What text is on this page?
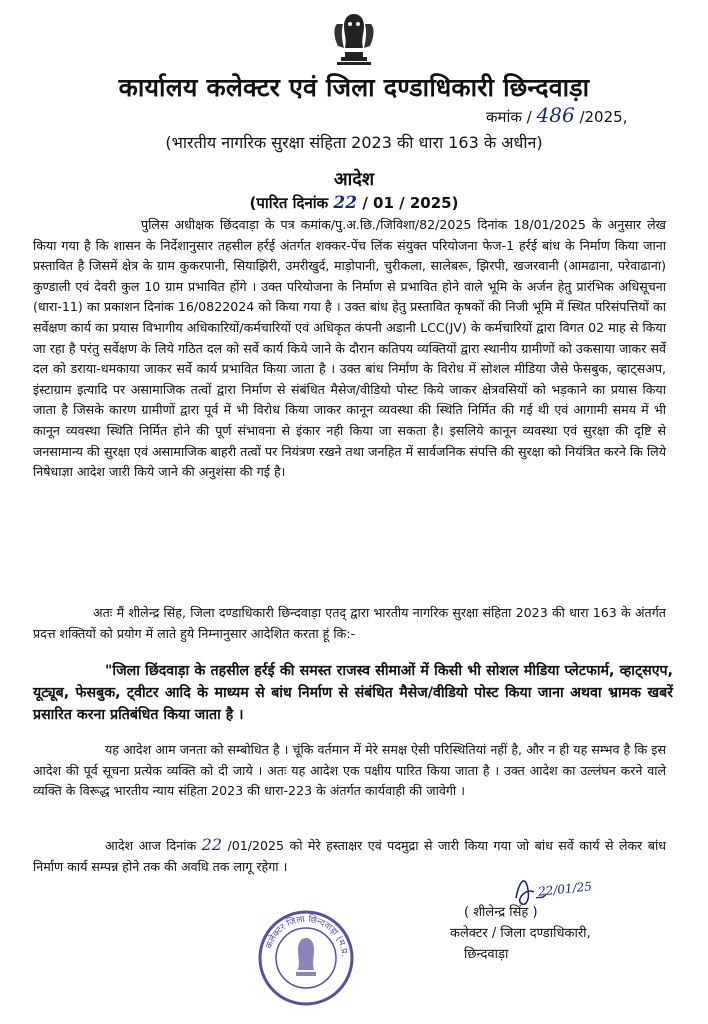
कार्यालय कलेक्टर एवं जिला दण्डाधिकारी छिन्दवाड़ा
कमांक / 486 /2025,
(भारतीय नागरिक सुरक्षा संहिता 2023 की धारा 163 के अधीन)
आदेश
(पारित दिनांक 22 / 01 / 2025)
पुलिस अधीक्षक छिंदवाड़ा के पत्र कमांक/पु.अ.छि./जिविशा/82/2025 दिनांक 18/01/2025 के अनुसार लेख किया गया है कि शासन के निर्देशानुसार तहसील हर्रई अंतर्गत शक्कर-पेंच लिंक संयुक्त परियोजना फेज-1 हर्रई बांध के निर्माण किया जाना प्रस्तावित है जिसमें क्षेत्र के ग्राम कुकरपानी, सियाझिरी, उमरीखुर्द, माड़ोपानी, चुरीकला, सालेबरू, झिरपी, खजरवानी (आमढाना, परेवाढाना) कुण्डाली एवं देवरी कुल 10 ग्राम प्रभावित होंगे । उक्त परियोजना के निर्माण से प्रभावित होने वाले भूमि के अर्जन हेतु प्रारंभिक अधिसूचना (धारा-11) का प्रकाशन दिनांक 16/0822024 को किया गया है । उक्त बांध हेतु प्रस्तावित कृषकों की निजी भूमि में स्थित परिसंपत्तियों का सर्वेक्षण कार्य का प्रयास विभागीय अधिकारियों/कर्मचारियों एवं अधिकृत कंपनी अडानी LCC(JV) के कर्मचारियों द्वारा विगत 02 माह से किया जा रहा है परंतु सर्वेक्षण के लिये गठित दल को सर्वे कार्य किये जाने के दौरान कतिपय व्यक्तियों द्वारा स्थानीय ग्रामीणों को उकसाया जाकर सर्वे दल को डराया-धमकाया जाकर सर्वे कार्य प्रभावित किया जाता है । उक्त बांध निर्माण के विरोध में सोशल मीडिया जैसे फेसबुक, व्हाट्सअप, इंस्टाग्राम इत्यादि पर असामाजिक तत्वों द्वारा निर्माण से संबंधित मैसेज/वीडियो पोस्ट किये जाकर क्षेत्रवसियों को भड़काने का प्रयास किया जाता है जिसके कारण ग्रामीणों द्वारा पूर्व में भी विरोध किया जाकर कानून व्यवस्था की स्थिति निर्मित की गई थी एवं आगामी समय में भी कानून व्यवस्था स्थिति निर्मित होने की पूर्ण संभावना से इंकार नही किया जा सकता है। इसलिये कानून व्यवस्था एवं सुरक्षा की दृष्टि से जनसामान्य की सुरक्षा एवं असामाजिक बाहरी तत्वों पर नियंत्रण रखने तथा जनहित में सार्वजनिक संपत्ति की सुरक्षा को नियंत्रित करने कि लिये निषेधाज्ञा आदेश जारी किये जाने की अनुशंसा की गई है।
अतः मैं शीलेन्द्र सिंह, जिला दण्डाधिकारी छिन्दवाड़ा एतद् द्वारा भारतीय नागरिक सुरक्षा संहिता 2023 की धारा 163 के अंतर्गत प्रदत्त शक्तियों को प्रयोग में लाते हुये निम्नानुसार आदेशित करता हूं कि:-
"जिला छिंदवाड़ा के तहसील हर्रई की समस्त राजस्व सीमाओं में किसी भी सोशल मीडिया प्लेटफार्म, व्हाट्सएप, यूट्यूब, फेसबुक, ट्वीटर आदि के माध्यम से बांध निर्माण से संबंधित मैसेज/वीडियो पोस्ट किया जाना अथवा भ्रामक खबरें प्रसारित करना प्रतिबंधित किया जाता है ।
यह आदेश आम जनता को सम्बोधित है । चूंकि वर्तमान में मेरे समक्ष ऐसी परिस्थितियां नहीं है, और न ही यह सम्भव है कि इस आदेश की पूर्व सूचना प्रत्येक व्यक्ति को दी जाये । अतः यह आदेश एक पक्षीय पारित किया जाता है । उक्त आदेश का उल्लंघन करने वाले व्यक्ति के विरूद्ध भारतीय न्याय संहिता 2023 की धारा-223 के अंतर्गत कार्यवाही की जावेगी ।
आदेश आज दिनांक 22 /01/2025 को मेरे हस्ताक्षर एवं पदमुद्रा से जारी किया गया जो बांध सर्वे कार्य से लेकर बांध निर्माण कार्य सम्पन्न होने तक की अवधि तक लागू रहेगा ।
22/01/25
कलेक्टर जिला छिन्दवाड़ा (म.प्र.
( शीलेन्द्र सिंह )
कलेक्टर / जिला दण्डाधिकारी,
छिन्दवाड़ा
